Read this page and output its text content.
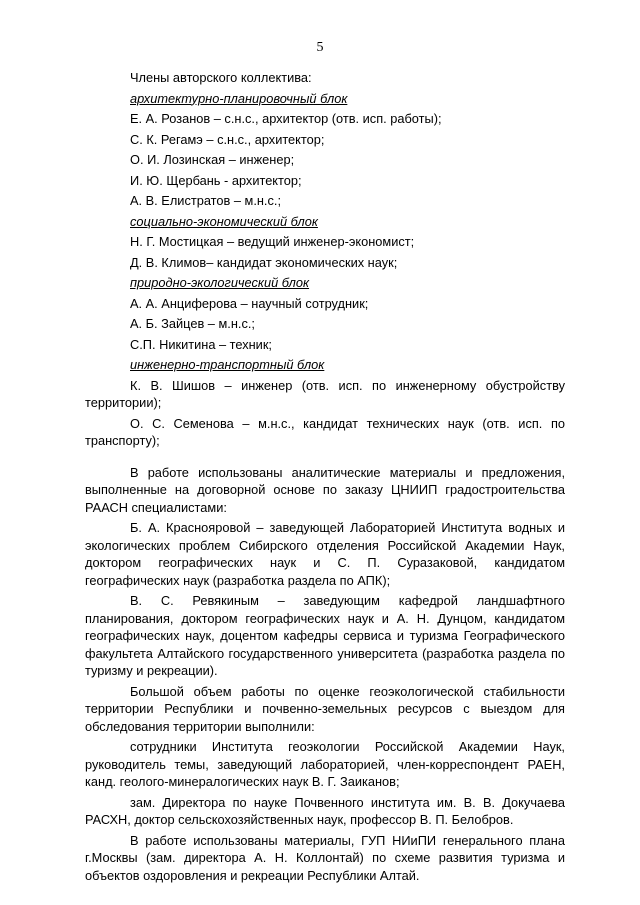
5
Члены авторского коллектива:
архитектурно-планировочный блок
Е. А. Розанов – с.н.с., архитектор (отв. исп. работы);
С. К. Регамэ – с.н.с., архитектор;
О. И. Лозинская – инженер;
И. Ю. Щербань - архитектор;
А. В. Елистратов – м.н.с.;
социально-экономический блок
Н. Г. Мостицкая – ведущий инженер-экономист;
Д. В. Климов– кандидат экономических наук;
природно-экологический блок
А. А. Анциферова – научный сотрудник;
А. Б. Зайцев – м.н.с.;
С.П. Никитина – техник;
инженерно-транспортный блок

К. В. Шишов – инженер (отв. исп. по инженерному обустройству территории);

О. С. Семенова – м.н.с., кандидат технических наук (отв. исп. по транспорту);

В работе использованы аналитические материалы и предложения, выполненные на договорной основе по заказу ЦНИИП градостроительства РААСН специалистами:

Б. А. Краснояровой – заведующей Лабораторией Института водных и экологических проблем Сибирского отделения Российской Академии Наук, доктором географических наук и С. П. Суразаковой, кандидатом географических наук (разработка раздела по АПК);

В. С. Ревякиным – заведующим кафедрой ландшафтного планирования, доктором географических наук и А. Н. Дунцом, кандидатом географических наук, доцентом кафедры сервиса и туризма Географического факультета Алтайского государственного университета (разработка раздела по туризму и рекреации).

Большой объем работы по оценке геоэкологической стабильности территории Республики и почвенно-земельных ресурсов с выездом для обследования территории выполнили:

сотрудники Института геоэкологии Российской Академии Наук, руководитель темы, заведующий лабораторией, член-корреспондент РАЕН, канд. геолого-минералогических наук В. Г. Заиканов;

зам. Директора по науке Почвенного института им. В. В. Докучаева РАСХН, доктор сельскохозяйственных наук, профессор В. П. Белобров.

В работе использованы материалы, ГУП НИиПИ генерального плана г.Москвы (зам. директора А. Н. Коллонтай) по схеме развития туризма и объектов оздоровления и рекреации Республики Алтай.
